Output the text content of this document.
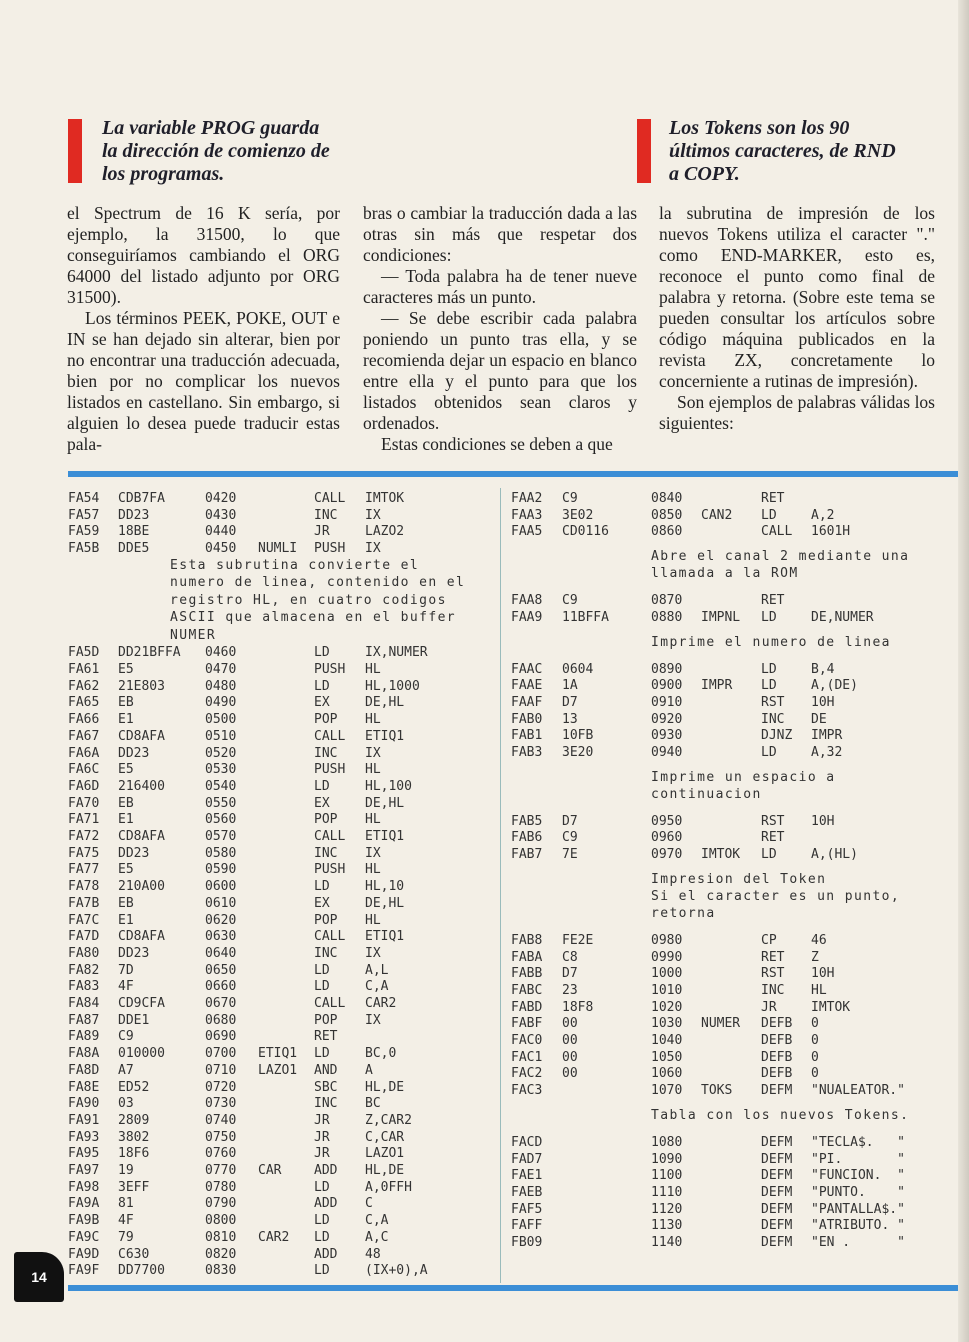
La variable PROG guarda
la dirección de comienzo de
los programas.
Los Tokens son los 90
últimos caracteres, de RND
a COPY.

el Spectrum de 16 K sería, por ejemplo, la 31500, lo que conseguiríamos cambiando el ORG 64000 del listado adjunto por ORG 31500).

Los términos PEEK, POKE, OUT e IN se han dejado sin alterar, bien por no encontrar una traducción adecuada, bien por no complicar los nuevos listados en castellano. Sin embargo, si alguien lo desea puede traducir estas pala-

bras o cambiar la traducción dada a las otras sin más que respetar dos condiciones:

— Toda palabra ha de tener nueve caracteres más un punto.

— Se debe escribir cada palabra poniendo un punto tras ella, y se recomienda dejar un espacio en blanco entre ella y el punto para que los listados obtenidos sean claros y ordenados.

Estas condiciones se deben a que

la subrutina de impresión de los nuevos Tokens utiliza el caracter "." como END-MARKER, esto es, reconoce el punto como final de palabra y retorna. (Sobre este tema se pueden consultar los artículos sobre código máquina publicados en la revista ZX, concretamente lo concerniente a rutinas de impresión).

Son ejemplos de palabras válidas los siguientes:

FA54 CDB7FA	0420	CALL IMTOK
FA57 DD23	0430	INC IX
FA59 18BE	0440	JR	LAZO2
FA5B DDE5	0450 NUMLI PUSH IX
Esta subrutina convierte el
numero de linea, contenido en el
registro HL, en cuatro codigos
ASCII que almacena en el buffer
NUMER
FA5D DD21BFFA 0460	LD	IX,NUMER
FA61 E5	0470	PUSH HL
FA62 21E803	0480	LD	HL,1000
FA65 EB	0490	EX	DE,HL
FA66 E1	0500	POP HL
FA67 CD8AFA	0510	CALL ETIQ1
FA6A DD23	0520	INC IX
FA6C E5	0530	PUSH HL
FA6D 216400	0540	LD	HL,100
FA70 EB	0550	EX	DE,HL
FA71 E1	0560	POP HL
FA72 CD8AFA	0570	CALL ETIQ1
FA75 DD23	0580	INC IX
FA77 E5	0590	PUSH HL
FA78 210A00	0600	LD	HL,10
FA7B EB	0610	EX	DE,HL
FA7C E1	0620	POP HL
FA7D CD8AFA	0630	CALL ETIQ1
FA80 DD23	0640	INC IX
FA82 7D	0650	LD	A,L
FA83 4F	0660	LD	C,A
FA84 CD9CFA	0670	CALL CAR2
FA87 DDE1	0680	POP IX
FA89 C9	0690	RET
FA8A 010000	0700 ETIQ1 LD	BC,0
FA8D A7	0710 LAZO1 AND A
FA8E ED52	0720	SBC HL,DE
FA90 03	0730	INC BC
FA91 2809	0740	JR	Z,CAR2
FA93 3802	0750	JR	C,CAR
FA95 18F6	0760	JR	LAZO1
FA97 19	0770 CAR	ADD HL,DE
FA98 3EFF	0780	LD	A,0FFH
FA9A 81	0790	ADD C
FA9B 4F	0800	LD	C,A
FA9C 79	0810 CAR2 LD	A,C
FA9D C630	0820	ADD 48
FA9F DD7700	0830	LD	(IX+0),A
FAA2 C9	0840	RET
FAA3 3E02	0850 CAN2 LD	A,2
FAA5 CD0116	0860	CALL 1601H
Abre el canal 2 mediante una
llamada a la ROM
FAA8 C9	0870	RET
FAA9 11BFFA	0880 IMPNL LD	DE,NUMER
Imprime el numero de linea
FAAC 0604	0890	LD	B,4
FAAE 1A	0900 IMPR LD	A,(DE)
FAAF D7	0910	RST 10H
FAB0 13	0920	INC DE
FAB1 10FB	0930	DJNZ IMPR
FAB3 3E20	0940	LD	A,32
Imprime un espacio a
continuacion
FAB5 D7	0950	RST 10H
FAB6 C9	0960	RET
FAB7 7E	0970 IMTOK LD	A,(HL)
Impresion del Token
Si el caracter es un punto,
retorna
FAB8 FE2E	0980	CP	46
FABA C8	0990	RET Z
FABB D7	1000	RST 10H
FABC 23	1010	INC HL
FABD 18F8	1020	JR	IMTOK
FABF 00	1030 NUMER DEFB 0
FAC0 00	1040	DEFB 0
FAC1 00	1050	DEFB 0
FAC2 00	1060	DEFB 0
FAC3	1070 TOKS DEFM "NUALEATOR."
Tabla con los nuevos Tokens.
FACD	1080	DEFM "TECLA$.   "
FAD7	1090	DEFM "PI.       "
FAE1	1100	DEFM "FUNCION.  "
FAEB	1110	DEFM "PUNTO.    "
FAF5	1120	DEFM "PANTALLA$."
FAFF	1130	DEFM "ATRIBUTO. "
FB09	1140	DEFM "EN .      "
14
